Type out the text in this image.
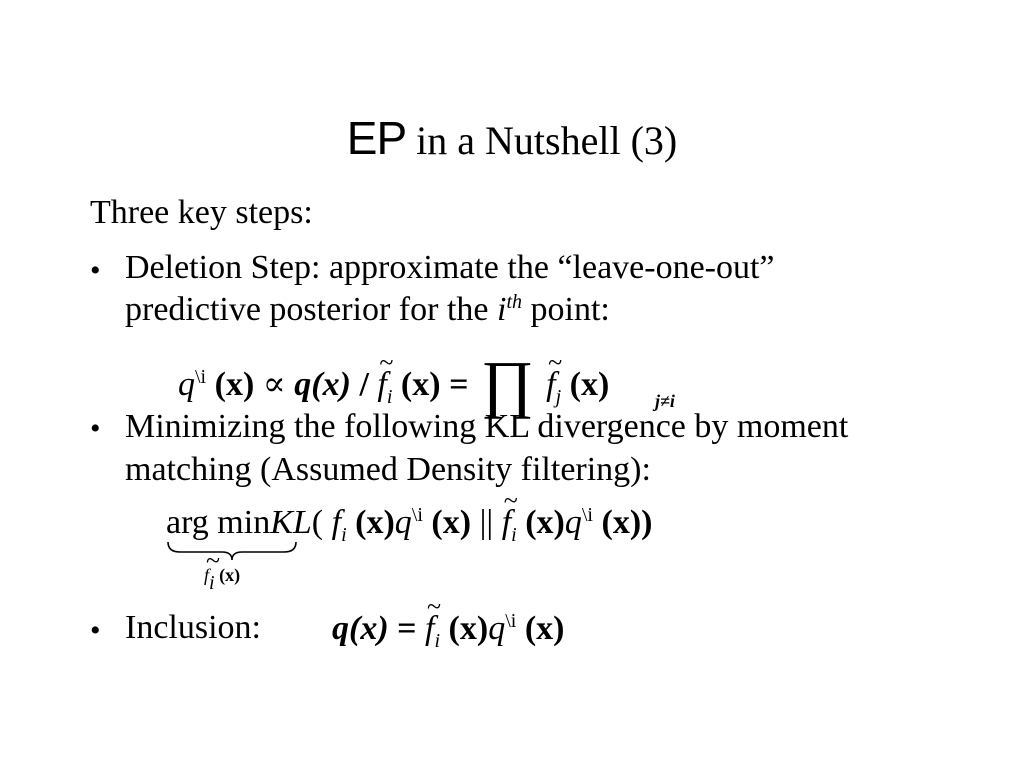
EP in a Nutshell (3)
Three key steps:
• Deletion Step: approximate the “leave-one-out”
predictive posterior for the $i^{th}$ point:
$q^{\backslash i}$ (x) ∝ q(x) / ~ $f_i$ (x) = ∏ ~ $f_j$ (x)	j≠i
• Minimizing the following KL divergence by moment
matching (Assumed Density filtering):
arg minKL( $f_i$ $(x)q^{\backslash i}$ (x) || ~ $f_i$ $(x)q^{\backslash i}$ (x))
~ $f_i$ (x)
• Inclusion: q(x) = ~ $f_i$ $(x)q^{\backslash i}$ (x)
